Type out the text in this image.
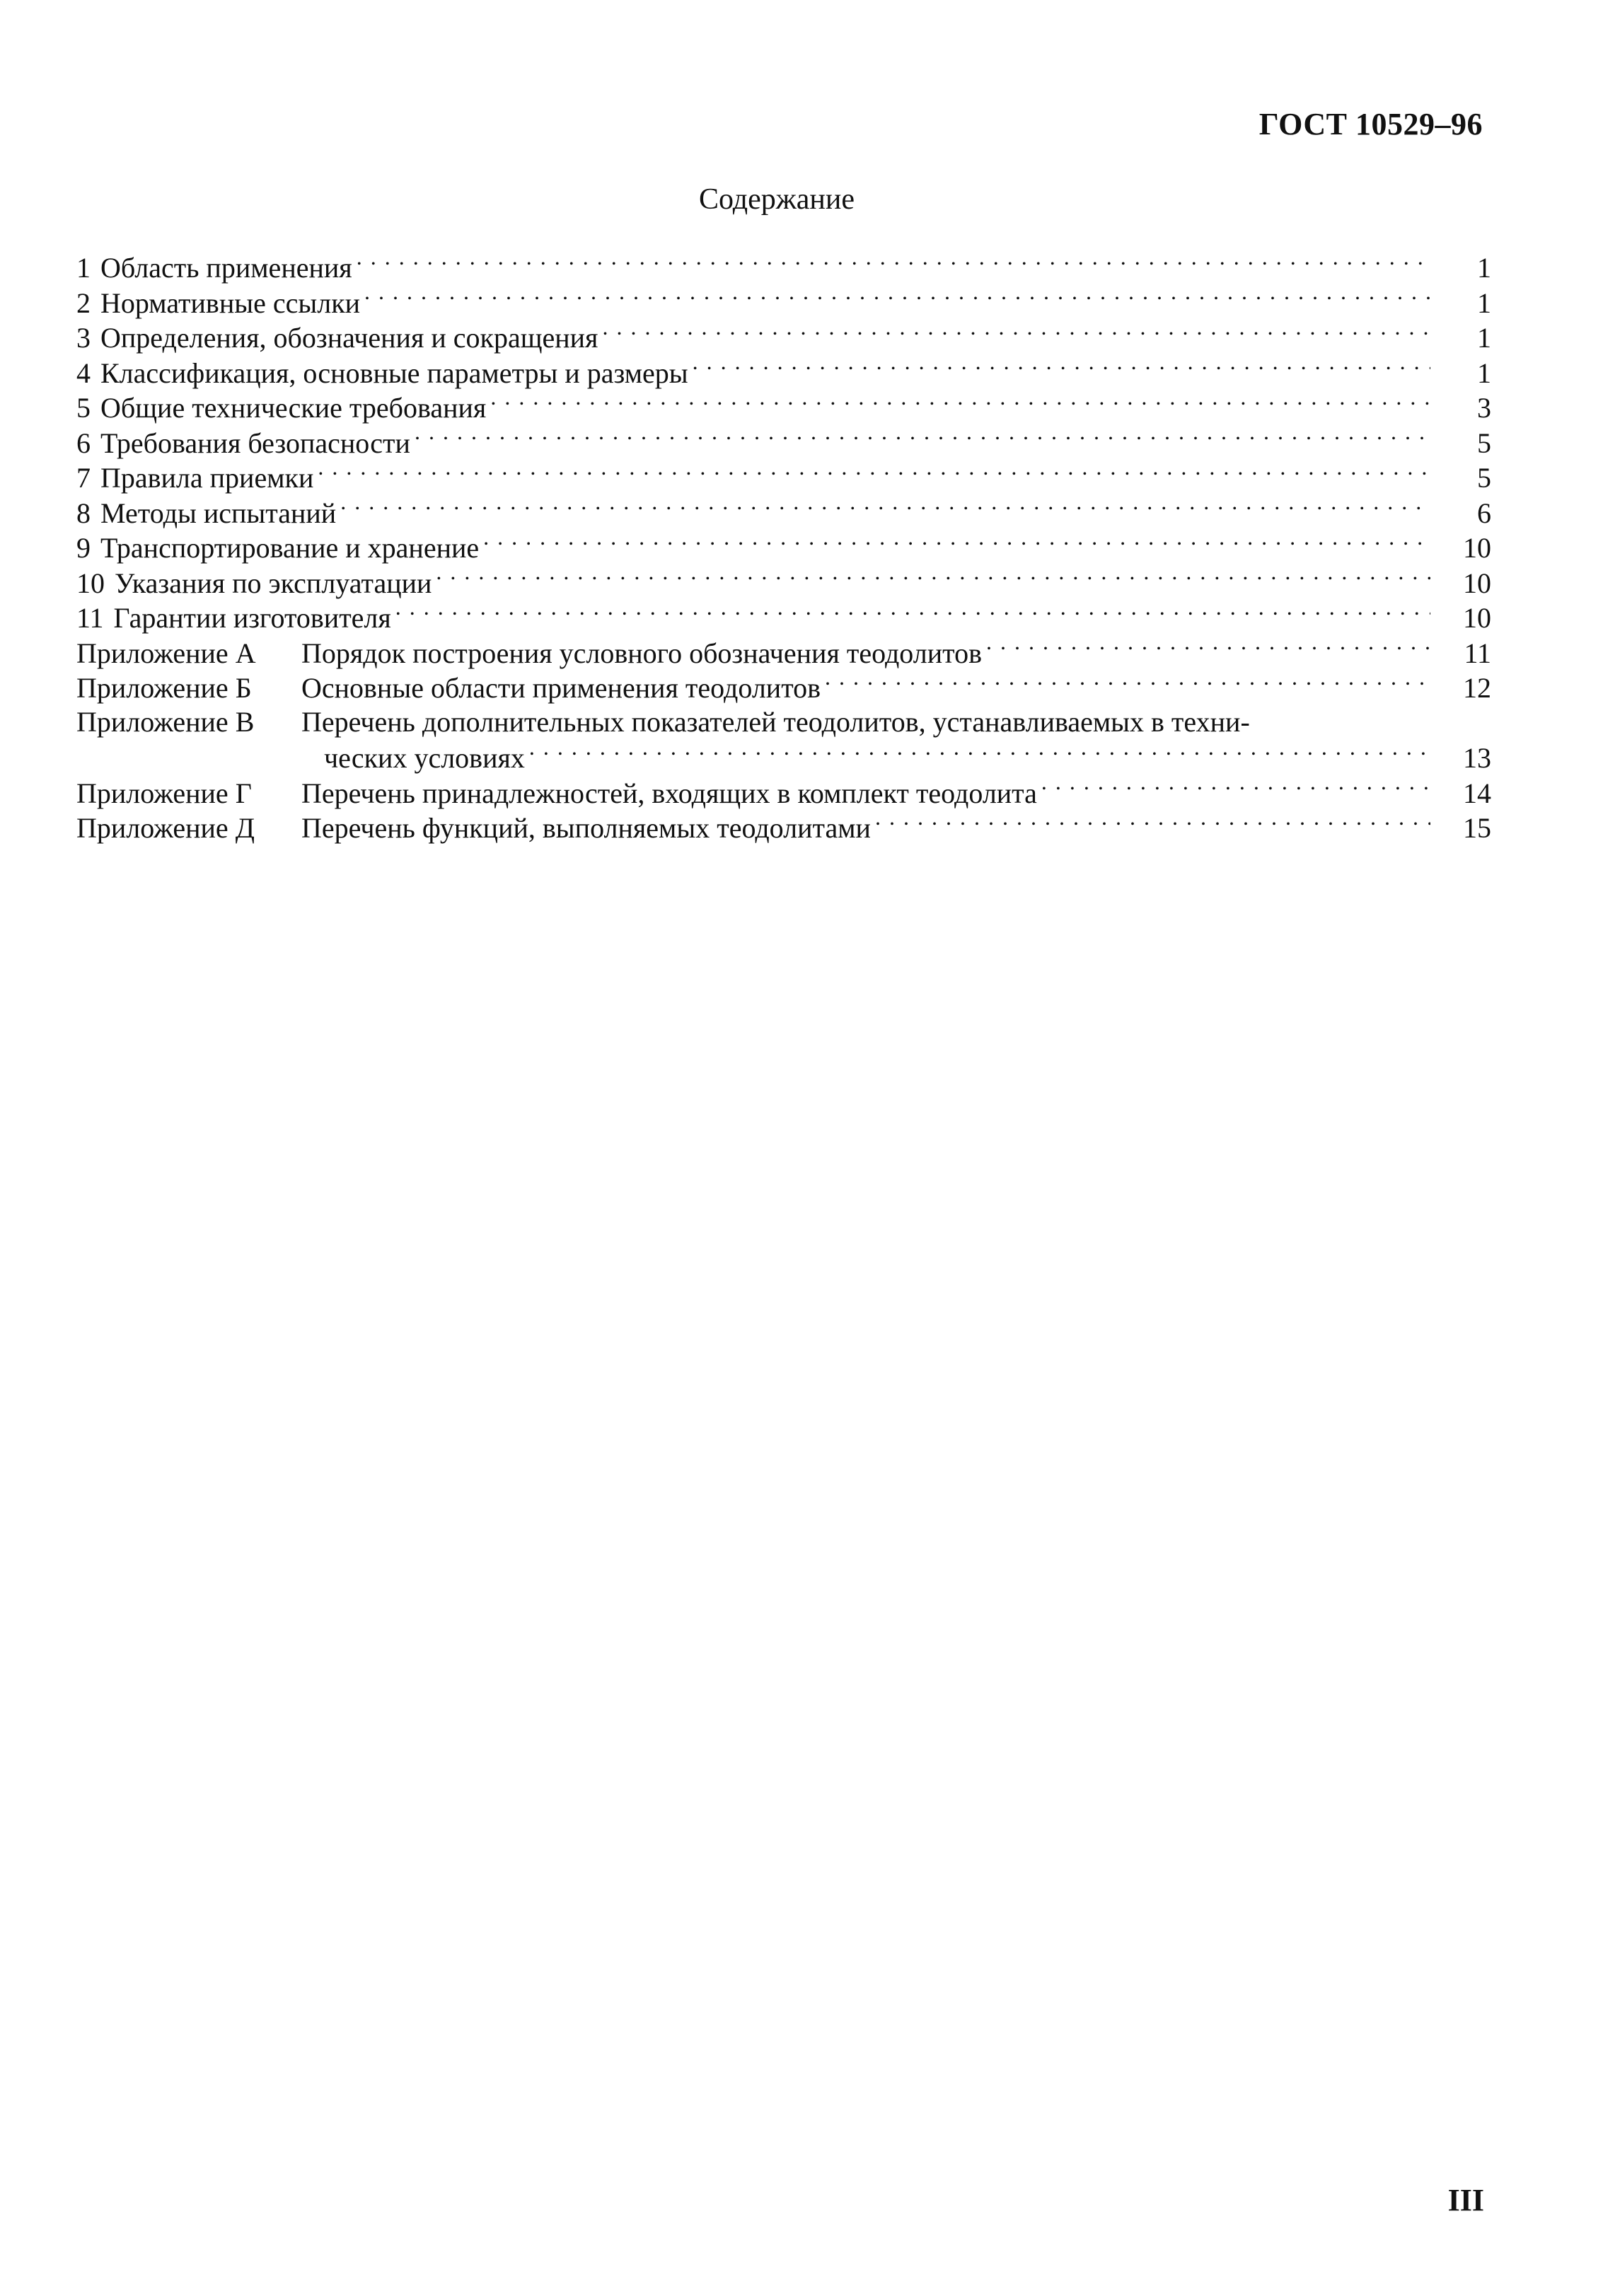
ГОСТ 10529–96
Содержание
1 Область применения . . .	1
2 Нормативные ссылки . . .	1
3 Определения, обозначения и сокращения . . .	1
4 Классификация, основные параметры и размеры . . .	1
5 Общие технические требования . . .	3
6 Требования безопасности . . .	5
7 Правила приемки . . .	5
8 Методы испытаний . . .	6
9 Транспортирование и хранение . . .	10
10 Указания по эксплуатации . . .	10
11 Гарантии изготовителя . . .	10
Приложение А	Порядок построения условного обозначения теодолитов . . .	11
Приложение Б	Основные области применения теодолитов . . .	12
Приложение В	Перечень дополнительных показателей теодолитов, устанавливаемых в техни-
ческих условиях . . .	13
Приложение Г	Перечень принадлежностей, входящих в комплект теодолита . . .	14
Приложение Д	Перечень функций, выполняемых теодолитами . . .	15
III
